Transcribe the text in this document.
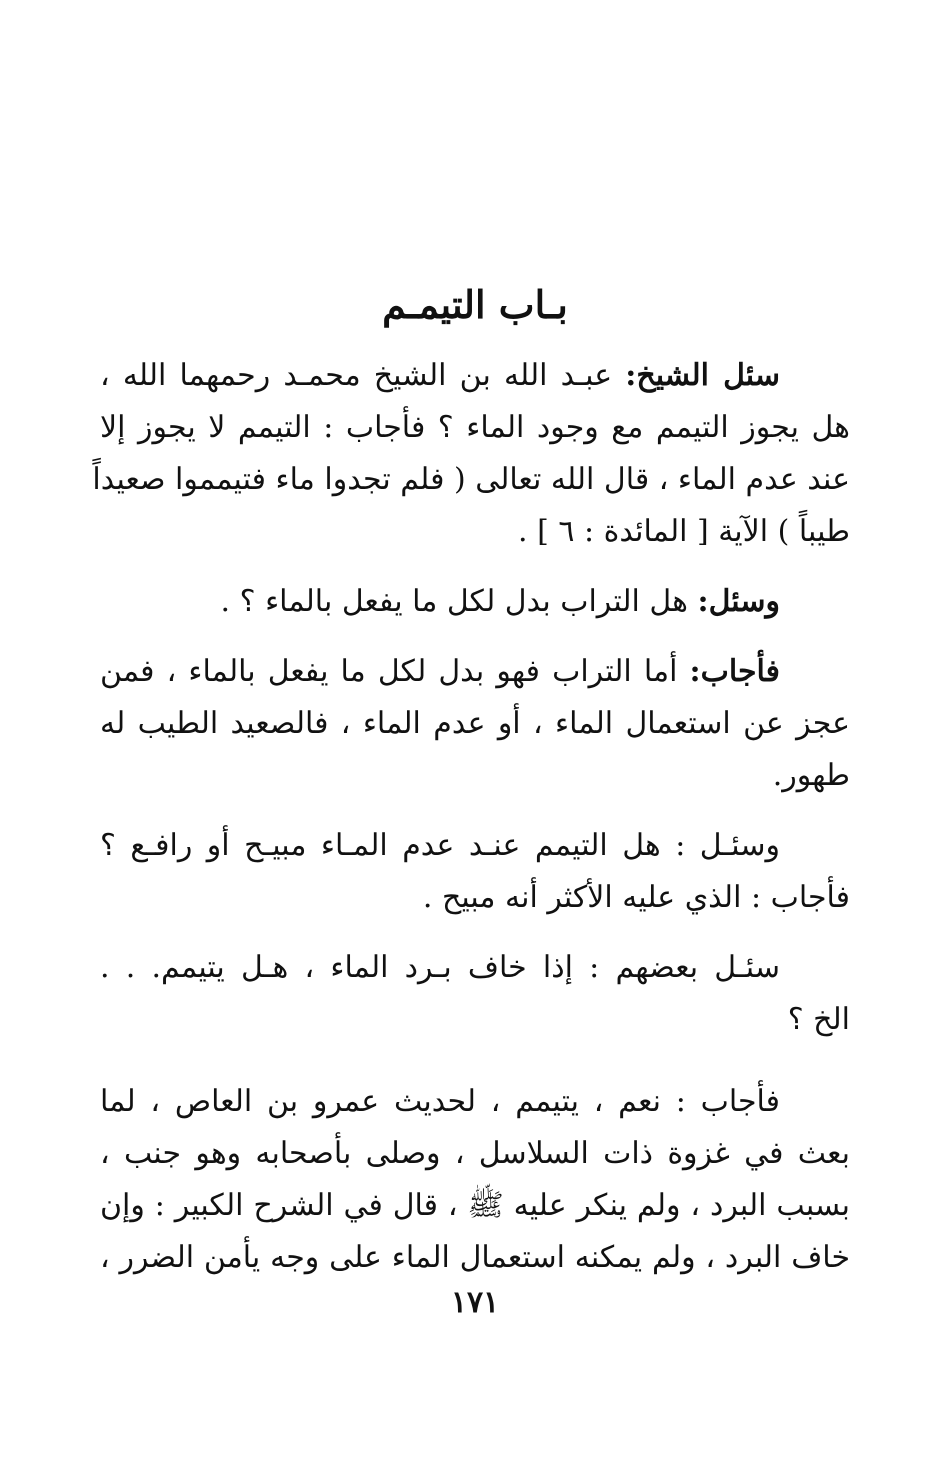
بـاب التيمـم

سئل الشيخ: عبـد الله بن الشيخ محمـد رحمهما الله ،
هل يجوز التيمم مع وجود الماء ؟ فأجاب : التيمم لا يجوز إلا
عند عدم الماء ، قال الله تعالى ( فلم تجدوا ماء فتيمموا صعيداً
طيباً ) الآية [ المائدة : ٦ ] .

وسئل: هل التراب بدل لكل ما يفعل بالماء ؟ .

فأجاب: أما التراب فهو بدل لكل ما يفعل بالماء ، فمن
عجز عن استعمال الماء ، أو عدم الماء ، فالصعيد الطيب له
طهور.

وسئـل : هل التيمم عنـد عدم المـاء مبيـح أو رافـع ؟
فأجاب : الذي عليه الأكثر أنه مبيح .

سئـل بعضهم : إذا خاف بـرد الماء ، هـل يتيمم. . .
الخ ؟

فأجاب : نعم ، يتيمم ، لحديث عمرو بن العاص ، لما
بعث في غزوة ذات السلاسل ، وصلى بأصحابه وهو جنب ،
بسبب البرد ، ولم ينكر عليه ﷺ ، قال في الشرح الكبير : وإن
خاف البرد ، ولم يمكنه استعمال الماء على وجه يأمن الضرر ،

١٧١
